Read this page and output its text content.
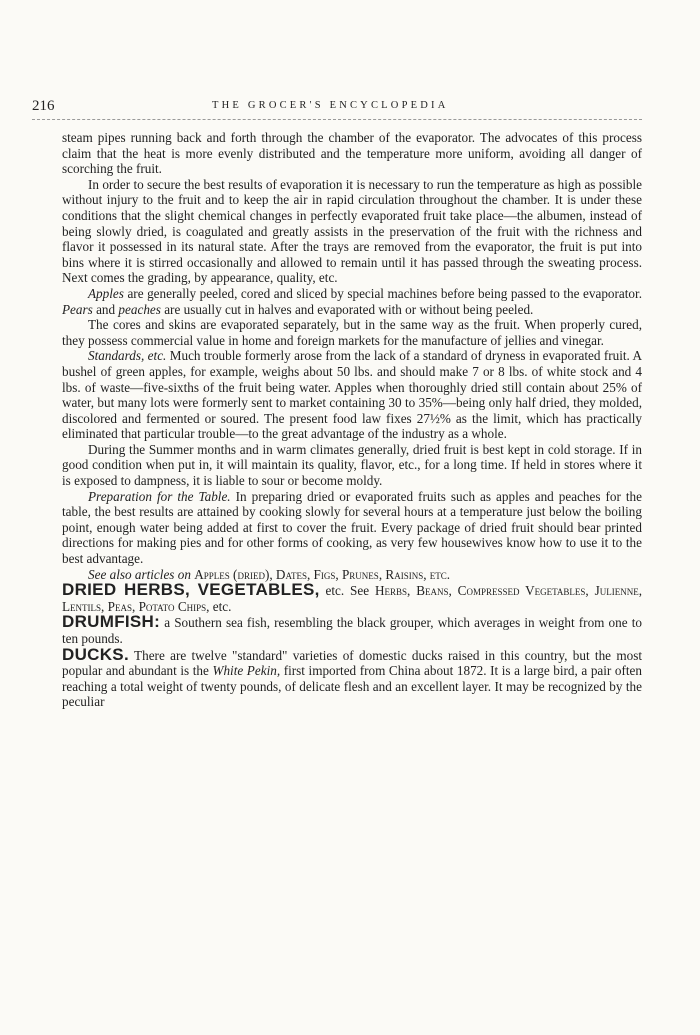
216	THE GROCER'S ENCYCLOPEDIA

steam pipes running back and forth through the chamber of the evaporator. The advocates of this process claim that the heat is more evenly distributed and the temperature more uniform, avoiding all danger of scorching the fruit.

In order to secure the best results of evaporation it is necessary to run the temperature as high as possible without injury to the fruit and to keep the air in rapid circulation throughout the chamber. It is under these conditions that the slight chemical changes in perfectly evaporated fruit take place—the albumen, instead of being slowly dried, is coagulated and greatly assists in the preservation of the fruit with the richness and flavor it possessed in its natural state. After the trays are removed from the evaporator, the fruit is put into bins where it is stirred occasionally and allowed to remain until it has passed through the sweating process. Next comes the grading, by appearance, quality, etc.

Apples are generally peeled, cored and sliced by special machines before being passed to the evaporator. Pears and peaches are usually cut in halves and evaporated with or without being peeled.

The cores and skins are evaporated separately, but in the same way as the fruit. When properly cured, they possess commercial value in home and foreign markets for the manufacture of jellies and vinegar.

Standards, etc. Much trouble formerly arose from the lack of a standard of dryness in evaporated fruit. A bushel of green apples, for example, weighs about 50 lbs. and should make 7 or 8 lbs. of white stock and 4 lbs. of waste—five-sixths of the fruit being water. Apples when thoroughly dried still contain about 25% of water, but many lots were formerly sent to market containing 30 to 35%—being only half dried, they molded, discolored and fermented or soured. The present food law fixes 27½% as the limit, which has practically eliminated that particular trouble—to the great advantage of the industry as a whole.

During the Summer months and in warm climates generally, dried fruit is best kept in cold storage. If in good condition when put in, it will maintain its quality, flavor, etc., for a long time. If held in stores where it is exposed to dampness, it is liable to sour or become moldy.

Preparation for the Table. In preparing dried or evaporated fruits such as apples and peaches for the table, the best results are attained by cooking slowly for several hours at a temperature just below the boiling point, enough water being added at first to cover the fruit. Every package of dried fruit should bear printed directions for making pies and for other forms of cooking, as very few housewives know how to use it to the best advantage.

See also articles on Apples (dried), Dates, Figs, Prunes, Raisins, etc.

DRIED HERBS, VEGETABLES, etc. See Herbs, Beans, Compressed Vegetables, Julienne, Lentils, Peas, Potato Chips, etc.

DRUMFISH: a Southern sea fish, resembling the black grouper, which averages in weight from one to ten pounds.

DUCKS. There are twelve "standard" varieties of domestic ducks raised in this country, but the most popular and abundant is the White Pekin, first imported from China about 1872. It is a large bird, a pair often reaching a total weight of twenty pounds, of delicate flesh and an excellent layer. It may be recognized by the peculiar
